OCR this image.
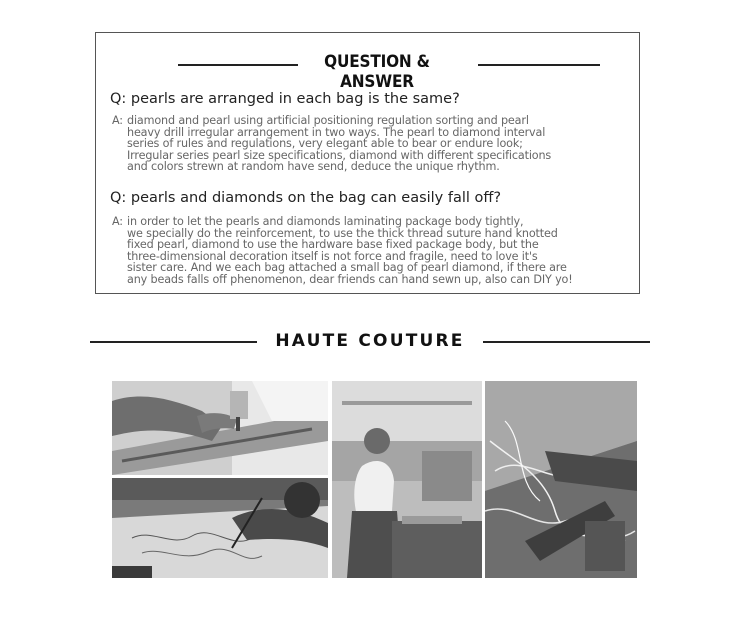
QUESTION & ANSWER
Q: pearls are arranged in each bag is the same?
A: diamond and pearl using artificial positioning regulation sorting and pearl
heavy drill irregular arrangement in two ways. The pearl to diamond interval
series of rules and regulations, very elegant able to bear or endure look;
Irregular series pearl size specifications, diamond with different specifications
and colors strewn at random have send, deduce the unique rhythm.
Q: pearls and diamonds on the bag can easily fall off?
A: in order to let the pearls and diamonds laminating package body tightly,
we specially do the reinforcement, to use the thick thread suture hand knotted
fixed pearl, diamond to use the hardware base fixed package body, but the
three-dimensional decoration itself is not force and fragile, need to love it's
sister care. And we each bag attached a small bag of pearl diamond, if there are
any beads falls off phenomenon, dear friends can hand sewn up, also can DIY yo!
HAUTE COUTURE
